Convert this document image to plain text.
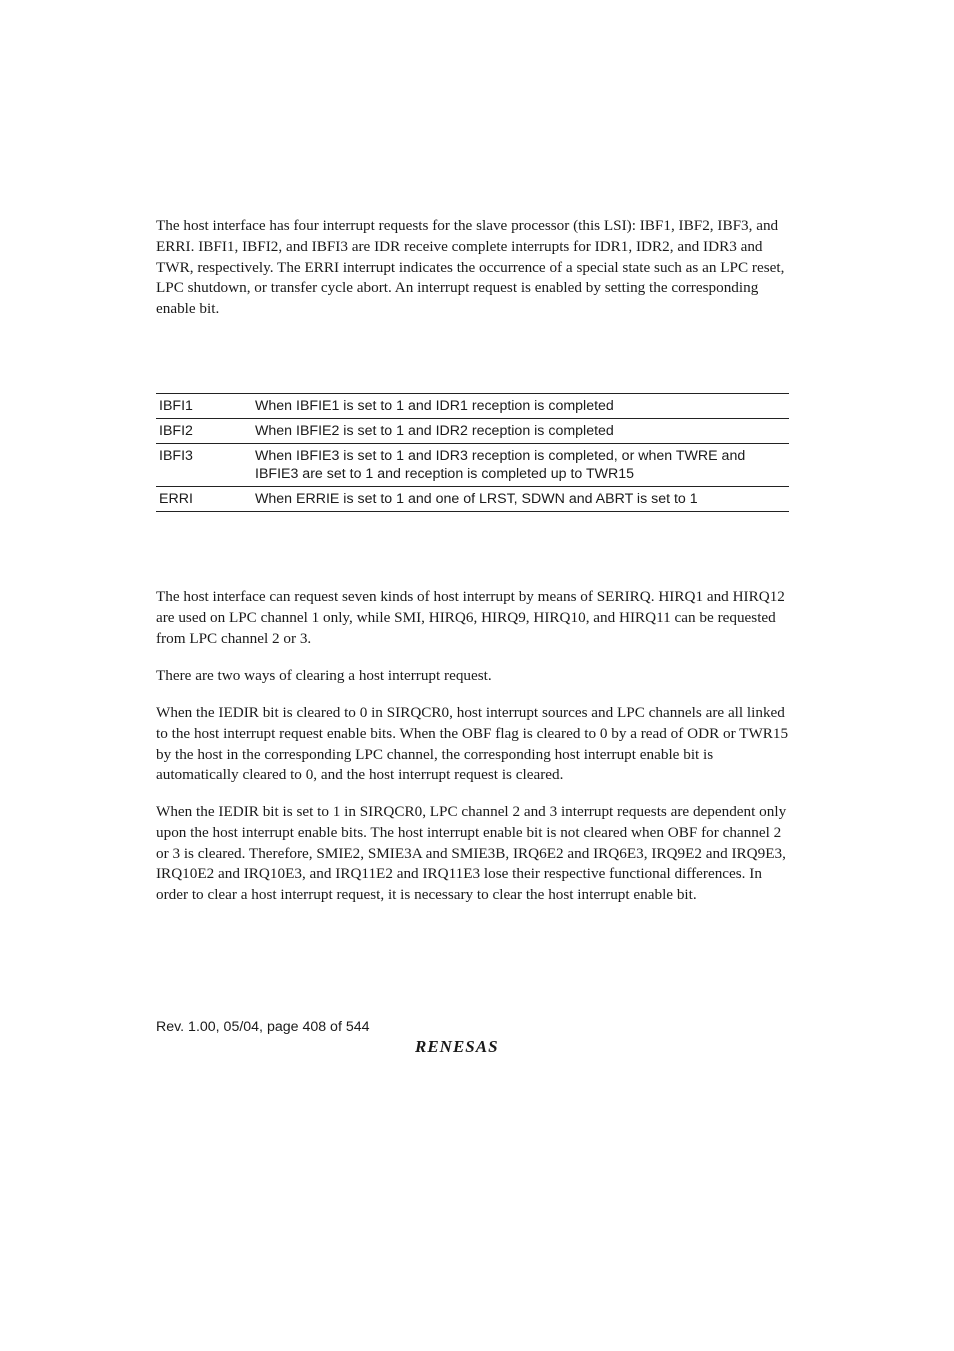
The host interface has four interrupt requests for the slave processor (this LSI): IBF1, IBF2, IBF3, and ERRI. IBFI1, IBFI2, and IBFI3 are IDR receive complete interrupts for IDR1, IDR2, and IDR3 and TWR, respectively. The ERRI interrupt indicates the occurrence of a special state such as an LPC reset, LPC shutdown, or transfer cycle abort. An interrupt request is enabled by setting the corresponding enable bit.

IBFI1	When IBFIE1 is set to 1 and IDR1 reception is completed
IBFI2	When IBFIE2 is set to 1 and IDR2 reception is completed
IBFI3	When IBFIE3 is set to 1 and IDR3 reception is completed, or when TWRE and IBFIE3 are set to 1 and reception is completed up to TWR15
ERRI	When ERRIE is set to 1 and one of LRST, SDWN and ABRT is set to 1

The host interface can request seven kinds of host interrupt by means of SERIRQ. HIRQ1 and HIRQ12 are used on LPC channel 1 only, while SMI, HIRQ6, HIRQ9, HIRQ10, and HIRQ11 can be requested from LPC channel 2 or 3.

There are two ways of clearing a host interrupt request.

When the IEDIR bit is cleared to 0 in SIRQCR0, host interrupt sources and LPC channels are all linked to the host interrupt request enable bits. When the OBF flag is cleared to 0 by a read of ODR or TWR15 by the host in the corresponding LPC channel, the corresponding host interrupt enable bit is automatically cleared to 0, and the host interrupt request is cleared.

When the IEDIR bit is set to 1 in SIRQCR0, LPC channel 2 and 3 interrupt requests are dependent only upon the host interrupt enable bits. The host interrupt enable bit is not cleared when OBF for channel 2 or 3 is cleared. Therefore, SMIE2, SMIE3A and SMIE3B, IRQ6E2 and IRQ6E3, IRQ9E2 and IRQ9E3, IRQ10E2 and IRQ10E3, and IRQ11E2 and IRQ11E3 lose their respective functional differences. In order to clear a host interrupt request, it is necessary to clear the host interrupt enable bit.

Rev. 1.00, 05/04, page 408 of 544
RENESAS
